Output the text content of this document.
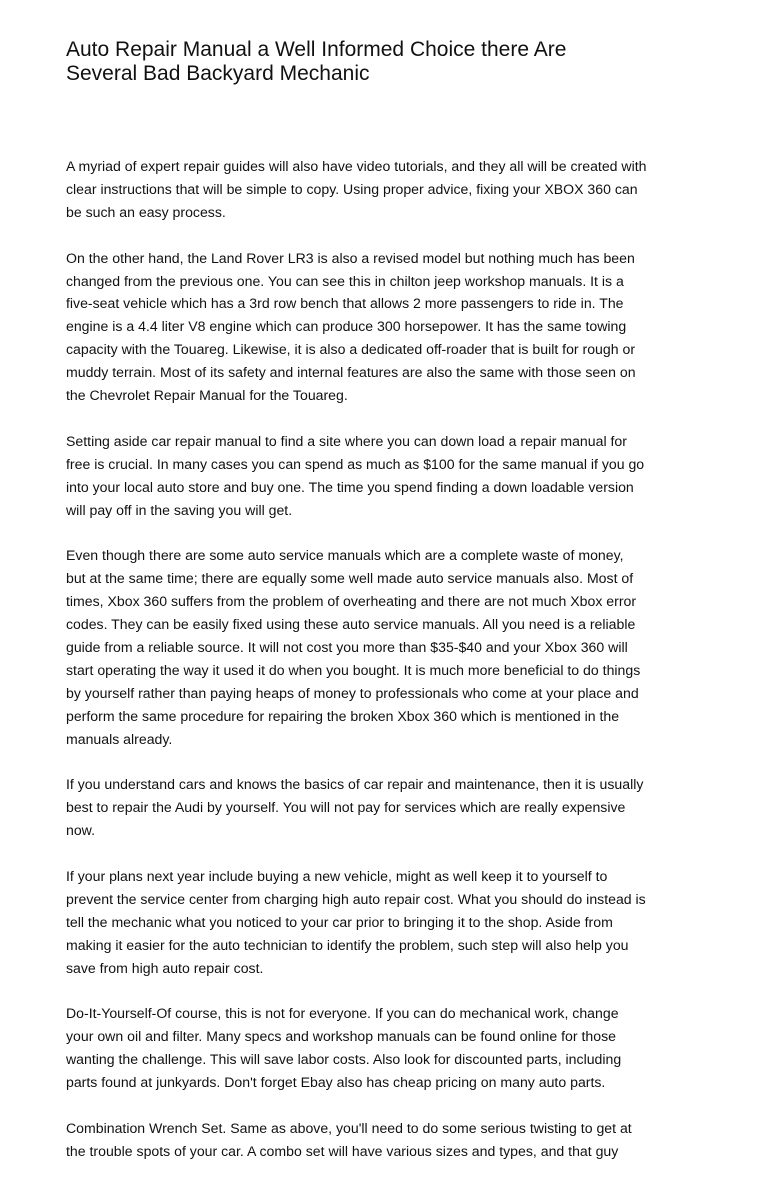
Auto Repair Manual a Well Informed Choice there Are
Several Bad Backyard Mechanic

A myriad of expert repair guides will also have video tutorials, and they all will be created with
clear instructions that will be simple to copy. Using proper advice, fixing your XBOX 360 can
be such an easy process.

On the other hand, the Land Rover LR3 is also a revised model but nothing much has been
changed from the previous one. You can see this in chilton jeep workshop manuals. It is a
five-seat vehicle which has a 3rd row bench that allows 2 more passengers to ride in. The
engine is a 4.4 liter V8 engine which can produce 300 horsepower. It has the same towing
capacity with the Touareg. Likewise, it is also a dedicated off-roader that is built for rough or
muddy terrain. Most of its safety and internal features are also the same with those seen on
the Chevrolet Repair Manual for the Touareg.

Setting aside car repair manual to find a site where you can down load a repair manual for
free is crucial. In many cases you can spend as much as $100 for the same manual if you go
into your local auto store and buy one. The time you spend finding a down loadable version
will pay off in the saving you will get.

Even though there are some auto service manuals which are a complete waste of money,
but at the same time; there are equally some well made auto service manuals also. Most of
times, Xbox 360 suffers from the problem of overheating and there are not much Xbox error
codes. They can be easily fixed using these auto service manuals. All you need is a reliable
guide from a reliable source. It will not cost you more than $35-$40 and your Xbox 360 will
start operating the way it used it do when you bought. It is much more beneficial to do things
by yourself rather than paying heaps of money to professionals who come at your place and
perform the same procedure for repairing the broken Xbox 360 which is mentioned in the
manuals already.

If you understand cars and knows the basics of car repair and maintenance, then it is usually
best to repair the Audi by yourself. You will not pay for services which are really expensive
now.

If your plans next year include buying a new vehicle, might as well keep it to yourself to
prevent the service center from charging high auto repair cost. What you should do instead is
tell the mechanic what you noticed to your car prior to bringing it to the shop. Aside from
making it easier for the auto technician to identify the problem, such step will also help you
save from high auto repair cost.

Do-It-Yourself-Of course, this is not for everyone. If you can do mechanical work, change
your own oil and filter. Many specs and workshop manuals can be found online for those
wanting the challenge. This will save labor costs. Also look for discounted parts, including
parts found at junkyards. Don't forget Ebay also has cheap pricing on many auto parts.

Combination Wrench Set. Same as above, you'll need to do some serious twisting to get at
the trouble spots of your car. A combo set will have various sizes and types, and that guy
